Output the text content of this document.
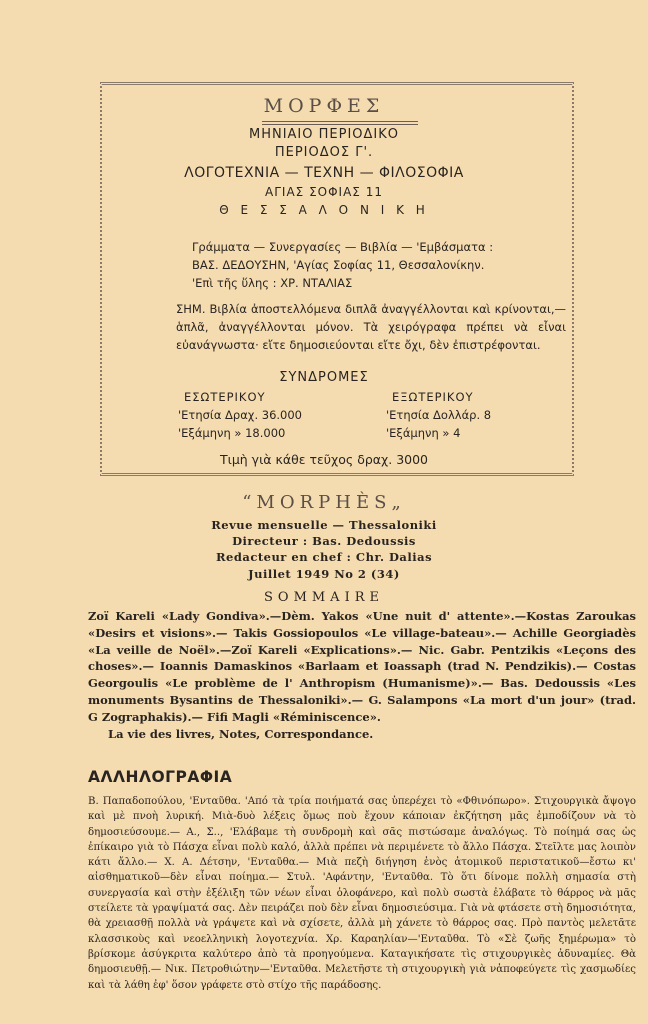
ΜΟΡΦΕΣ
ΜΗΝΙΑΙΟ ΠΕΡΙΟΔΙΚΟ
ΠΕΡΙΟΔΟΣ Γ'.
ΛΟΓΟΤΕΧΝΙΑ — ΤΕΧΝΗ — ΦΙΛΟΣΟΦΙΑ
ΑΓΙΑΣ ΣΟΦΙΑΣ 11
Θ Ε Σ Σ Α Λ Ο Ν Ι Κ Η
Γράμματα — Συνεργασίες — Βιβλία — 'Εμβάσματα :
ΒΑΣ. ΔΕΔΟΥΣΗΝ, 'Αγίας Σοφίας 11, Θεσσαλονίκην.
'Επὶ τῆς ὕλης : ΧΡ. ΝΤΑΛΙΑΣ
ΣΗΜ. Βιβλία ἀποστελλόμενα διπλᾶ ἀναγγέλλονται καὶ κρίνονται,—ἁπλᾶ, ἀναγγέλλονται μόνον. Τὰ χειρόγραφα πρέπει νὰ εἶναι εὐανάγνωστα· εἴτε δημοσιεύονται εἴτε ὄχι, δὲν ἐπιστρέφονται.
ΣΥΝΔΡΟΜΕΣ
ΕΣΩΤΕΡΙΚΟΥ
'Ετησία Δραχ. 36.000
'Εξάμηνη » 18.000
ΕΞΩΤΕΡΙΚΟΥ
'Ετησία Δολλάρ. 8
'Εξάμηνη » 4
Τιμὴ γιὰ κάθε τεῦχος δραχ. 3000
“MORPHÈS„
Revue mensuelle — Thessaloniki
Directeur : Bas. Dedoussis
Redacteur en chef : Chr. Dalias
Juillet 1949 No 2 (34)
SOMMAIRE
Zoï Kareli «Lady Gondiva».—Dèm. Yakos «Une nuit d' attente».—Kostas Zaroukas «Desirs et visions».— Takis Gossiopoulos «Le village-bateau».— Achille Georgiadès «La veille de Noël».—Zoï Kareli «Explications».— Nic. Gabr. Pentzikis «Leçons des choses».— Ioannis Damaskinos «Barlaam et Ioassaph (trad N. Pendzikis).— Costas Georgoulis «Le problème de l' Anthropism (Humanisme)».— Bas. Dedoussis «Les monuments Bysantins de Thessaloniki».— G. Salampons «La mort d'un jour» (trad. G Zographakis).— Fifi Magli «Réminiscence».
La vie des livres, Notes, Correspondance.
ΑΛΛΗΛΟΓΡΑΦΙΑ
Β. Παπαδοπούλου, 'Ενταῦθα. 'Από τὰ τρία ποιήματά σας ὑπερέχει τὸ «Φθινόπωρο». Στιχουργικὰ ἄψογο καὶ μὲ πνοὴ λυρική. Μιὰ-δυὸ λέξεις ὅμως ποὺ ἔχουν κάποιαν ἐκζήτηση μᾶς ἐμποδίζουν νὰ τὸ δημοσιεύσουμε.— Α., Σ.., 'Ελάβαμε τὴ συνδρομὴ καὶ σᾶς πιστώσαμε ἀναλόγως. Τὸ ποίημά σας ὡς ἐπίκαιρο γιὰ τὸ Πάσχα εἶναι πολὺ καλό, ἀλλὰ πρέπει νὰ περιμένετε τὸ ἄλλο Πάσχα. Στεῖλτε μας λοιπὸν κάτι ἄλλο.— Χ. Α. Δέτσην, 'Ενταῦθα.— Μιὰ πεζὴ διήγηση ἑνὸς ἀτομικοῦ περιστατικοῦ—ἔστω κι' αἰσθηματικοῦ—δὲν εἶναι ποίημα.— Στυλ. 'Αφάντην, 'Ενταῦθα. Τὸ ὅτι δίνομε πολλὴ σημασία στὴ συνεργασία καὶ στὴν ἐξέλιξη τῶν νέων εἶναι ὁλοφάνερο, καὶ πολὺ σωστὰ ἐλάβατε τὸ θάρρος νὰ μᾶς στείλετε τὰ γραψίματά σας. Δὲν πειράζει ποὺ δὲν εἶναι δημοσιεύσιμα. Γιὰ νὰ φτάσετε στὴ δημοσιότητα, θὰ χρειασθῇ πολλὰ νὰ γράψετε καὶ νὰ σχίσετε, ἀλλὰ μὴ χάνετε τὸ θάρρος σας. Πρὸ παντὸς μελετᾶτε κλασσικοὺς καὶ νεοελληνικὴ λογοτεχνία. Χρ. Καραηλίαν—'Ενταῦθα. Τὸ «Σὲ ζωῆς ξημέρωμα» τὸ βρίσκομε ἀσύγκριτα καλύτερο ἀπὸ τὰ προηγούμενα. Καταγικήσατε τὶς στιχουργικὲς ἀδυναμίες. Θὰ δημοσιευθῇ.— Νικ. Πετροθιώτην—'Ενταῦθα. Μελετῆστε τὴ στιχουργικὴ γιὰ νἀποφεύγετε τὶς χασμωδίες καὶ τὰ λάθη ἐφ' ὅσον γράφετε στὸ στίχο τῆς παράδοσης.
